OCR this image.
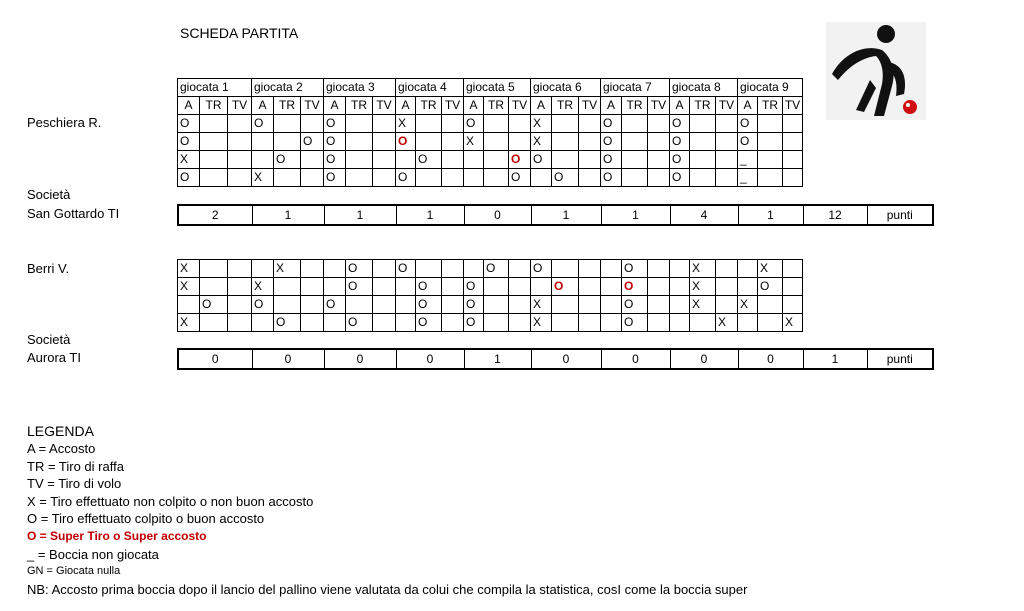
SCHEDA PARTITA
Peschiera R.
Società
San Gottardo TI
giocata 1			giocata 2			giocata 3			giocata 4			giocata 5			giocata 6			giocata 7			giocata 8			giocata 9		
A	TR	TV	A	TR	TV	A	TR	TV	A	TR	TV	A	TR	TV	A	TR	TV	A	TR	TV	A	TR	TV	A	TR	TV
O			O			O			X			O			X			O			O			O		
O					O	O			O			X			X			O			O			O		
X				O		O				O				O	O			O			O			_		
O			X			O			O					O		O		O			O			_		
2	1	1	1	0	1	1	4	1	12	punti
Berri V.
Società
Aurora TI
X				X			O		O				O		O				O			X			X	
X			X				O			O		O				O			O			X			O	
	O		O			O				O		O			X				O			X		X		
X				O			O			O		O			X				O				X			X
0	0	0	0	1	0	0	0	0	1	punti
LEGENDA
A = Accosto
TR = Tiro di raffa
TV = Tiro di volo
X = Tiro effettuato non colpito o non buon accosto
O = Tiro effettuato colpito o buon accosto
O = Super Tiro o Super accosto
_ = Boccia non giocata
GN = Giocata nulla
NB: Accosto prima boccia dopo il lancio del pallino viene valutata da colui che compila la statistica, cosI come la boccia super
